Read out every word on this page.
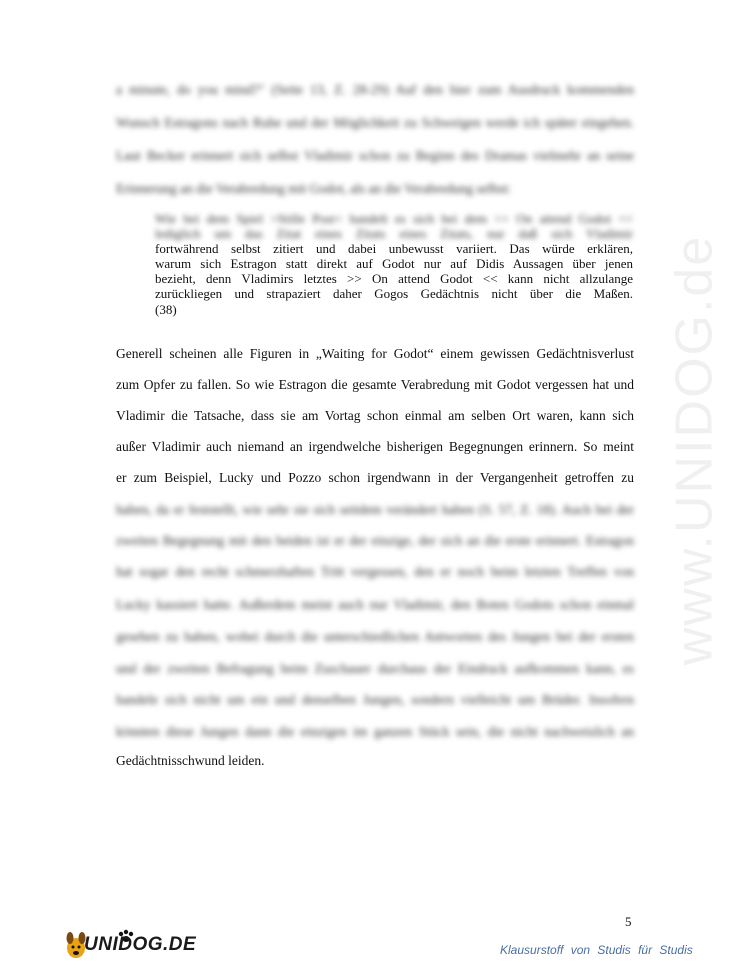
www.UNIDOG.de
a minute, do you mind?" (Seite 13, Z. 28-29) Auf den hier zum Ausdruck kommenden
Wunsch Estragons nach Ruhe und der Möglichkeit zu Schweigen werde ich später eingehen.
Laut Becker erinnert sich selbst Vladimir schon zu Beginn des Dramas vielmehr an seine
Erinnerung an die Verabredung mit Godot, als an die Verabredung selbst:
Wie bei dem Spiel >Stille Post< handelt es sich bei dem >> On attend Godot <<
lediglich um das Zitat eines Zitats eines Zitats, nur daß sich Vladimir
fortwährend selbst zitiert und dabei unbewusst variiert. Das würde erklären,
warum sich Estragon statt direkt auf Godot nur auf Didis Aussagen über jenen
bezieht, denn Vladimirs letztes >> On attend Godot << kann nicht allzulange
zurückliegen und strapaziert daher Gogos Gedächtnis nicht über die Maßen.
(38)
Generell scheinen alle Figuren in „Waiting for Godot“ einem gewissen Gedächtnisverlust
zum Opfer zu fallen. So wie Estragon die gesamte Verabredung mit Godot vergessen hat und
Vladimir die Tatsache, dass sie am Vortag schon einmal am selben Ort waren, kann sich
außer Vladimir auch niemand an irgendwelche bisherigen Begegnungen erinnern. So meint
er zum Beispiel, Lucky und Pozzo schon irgendwann in der Vergangenheit getroffen zu
haben, da er feststellt, wie sehr sie sich seitdem verändert haben (S. 57, Z. 18). Auch bei der
zweiten Begegnung mit den beiden ist er der einzige, der sich an die erste erinnert. Estragon
hat sogar den recht schmerzhaften Tritt vergessen, den er noch beim letzten Treffen von
Lucky kassiert hatte. Außerdem meint auch nur Vladimir, den Boten Godots schon einmal
gesehen zu haben, wobei durch die unterschiedlichen Antworten des Jungen bei der ersten
und der zweiten Befragung beim Zuschauer durchaus der Eindruck aufkommen kann, es
handele sich nicht um ein und denselben Jungen, sondern vielleicht um Brüder. Insofern
könnten diese Jungen dann die einzigen im ganzen Stück sein, die nicht nachweislich an
Gedächtnisschwund leiden.
5
UNIDOG.DE	Klausurstoff von Studis für Studis
